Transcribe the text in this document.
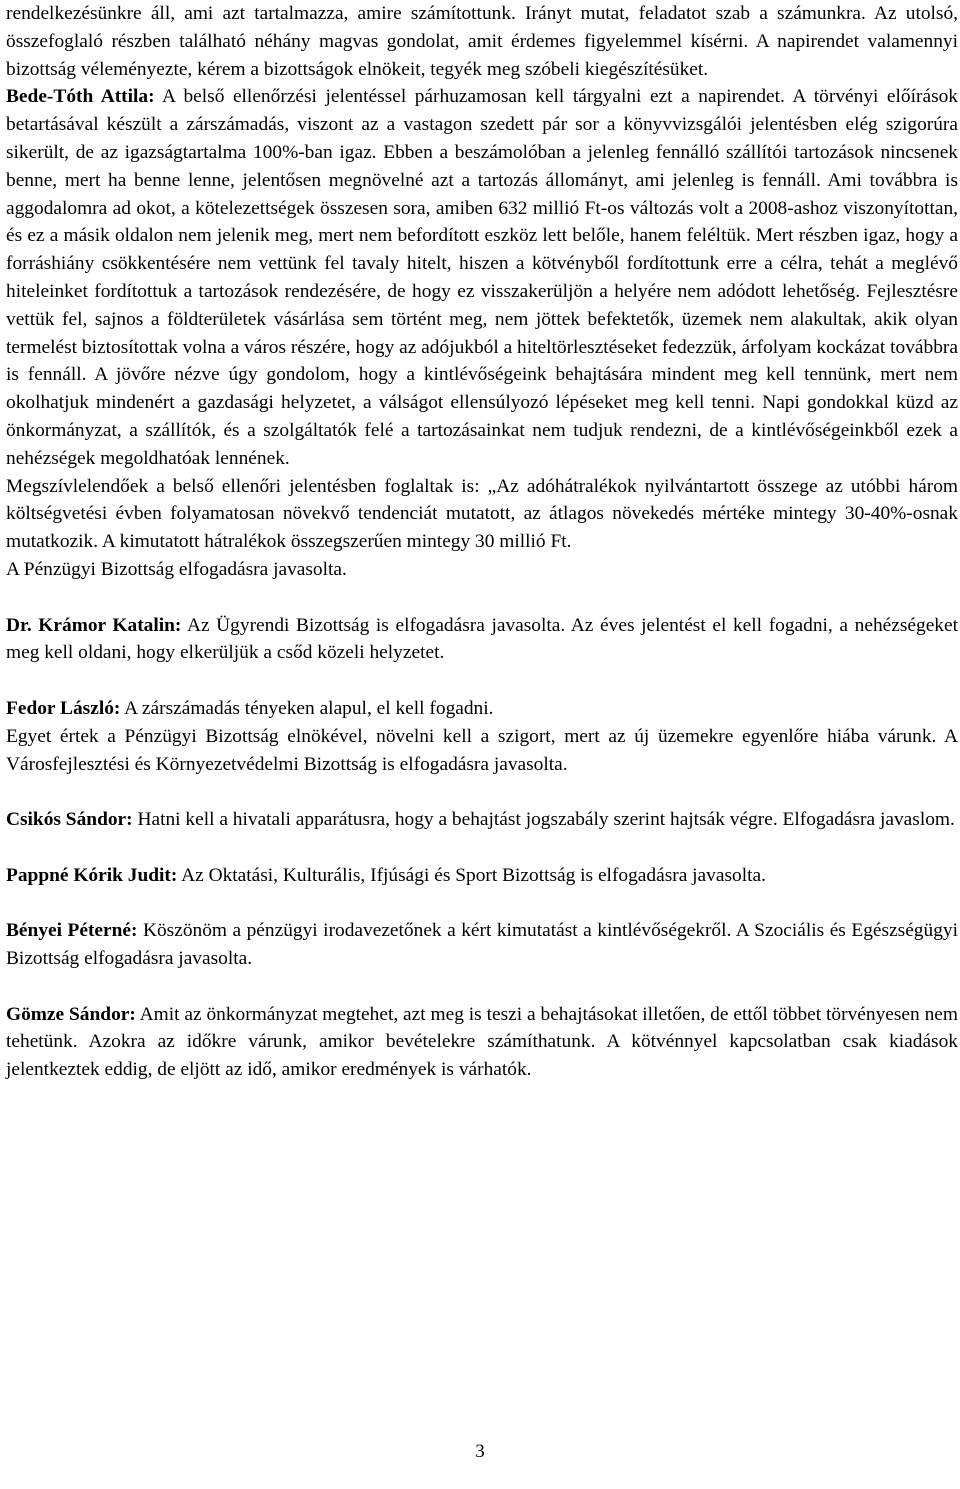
rendelkezésünkre áll, ami azt tartalmazza, amire számítottunk. Irányt mutat, feladatot szab a számunkra. Az utolsó, összefoglaló részben található néhány magvas gondolat, amit érdemes figyelemmel kísérni. A napirendet valamennyi bizottság véleményezte, kérem a bizottságok elnökeit, tegyék meg szóbeli kiegészítésüket.

Bede-Tóth Attila: A belső ellenőrzési jelentéssel párhuzamosan kell tárgyalni ezt a napirendet. A törvényi előírások betartásával készült a zárszámadás, viszont az a vastagon szedett pár sor a könyvvizsgálói jelentésben elég szigorúra sikerült, de az igazságtartalma 100%-ban igaz. Ebben a beszámolóban a jelenleg fennálló szállítói tartozások nincsenek benne, mert ha benne lenne, jelentősen megnövelné azt a tartozás állományt, ami jelenleg is fennáll. Ami továbbra is aggodalomra ad okot, a kötelezettségek összesen sora, amiben 632 millió Ft-os változás volt a 2008-ashoz viszonyítottan, és ez a másik oldalon nem jelenik meg, mert nem befordított eszköz lett belőle, hanem feléltük. Mert részben igaz, hogy a forráshiány csökkentésére nem vettünk fel tavaly hitelt, hiszen a kötvényből fordítottunk erre a célra, tehát a meglévő hiteleinket fordítottuk a tartozások rendezésére, de hogy ez visszakerüljön a helyére nem adódott lehetőség. Fejlesztésre vettük fel, sajnos a földterületek vásárlása sem történt meg, nem jöttek befektetők, üzemek nem alakultak, akik olyan termelést biztosítottak volna a város részére, hogy az adójukból a hiteltörlesztéseket fedezzük, árfolyam kockázat továbbra is fennáll. A jövőre nézve úgy gondolom, hogy a kintlévőségeink behajtására mindent meg kell tennünk, mert nem okolhatjuk mindenért a gazdasági helyzetet, a válságot ellensúlyozó lépéseket meg kell tenni. Napi gondokkal küzd az önkormányzat, a szállítók, és a szolgáltatók felé a tartozásainkat nem tudjuk rendezni, de a kintlévőségeinkből ezek a nehézségek megoldhatóak lennének.

Megszívlelendőek a belső ellenőri jelentésben foglaltak is: „Az adóhátralékok nyilvántartott összege az utóbbi három költségvetési évben folyamatosan növekvő tendenciát mutatott, az átlagos növekedés mértéke mintegy 30-40%-osnak mutatkozik. A kimutatott hátralékok összegszerűen mintegy 30 millió Ft.

A Pénzügyi Bizottság elfogadásra javasolta.

Dr. Krámor Katalin: Az Ügyrendi Bizottság is elfogadásra javasolta. Az éves jelentést el kell fogadni, a nehézségeket meg kell oldani, hogy elkerüljük a csőd közeli helyzetet.

Fedor László: A zárszámadás tényeken alapul, el kell fogadni.

Egyet értek a Pénzügyi Bizottság elnökével, növelni kell a szigort, mert az új üzemekre egyenlőre hiába várunk. A Városfejlesztési és Környezetvédelmi Bizottság is elfogadásra javasolta.

Csikós Sándor: Hatni kell a hivatali apparátusra, hogy a behajtást jogszabály szerint hajtsák végre. Elfogadásra javaslom.

Pappné Kórik Judit: Az Oktatási, Kulturális, Ifjúsági és Sport Bizottság is elfogadásra javasolta.

Bényei Péterné: Köszönöm a pénzügyi irodavezetőnek a kért kimutatást a kintlévőségekről. A Szociális és Egészségügyi Bizottság elfogadásra javasolta.

Gömze Sándor: Amit az önkormányzat megtehet, azt meg is teszi a behajtásokat illetően, de ettől többet törvényesen nem tehetünk. Azokra az időkre várunk, amikor bevételekre számíthatunk. A kötvénnyel kapcsolatban csak kiadások jelentkeztek eddig, de eljött az idő, amikor eredmények is várhatók.

3
